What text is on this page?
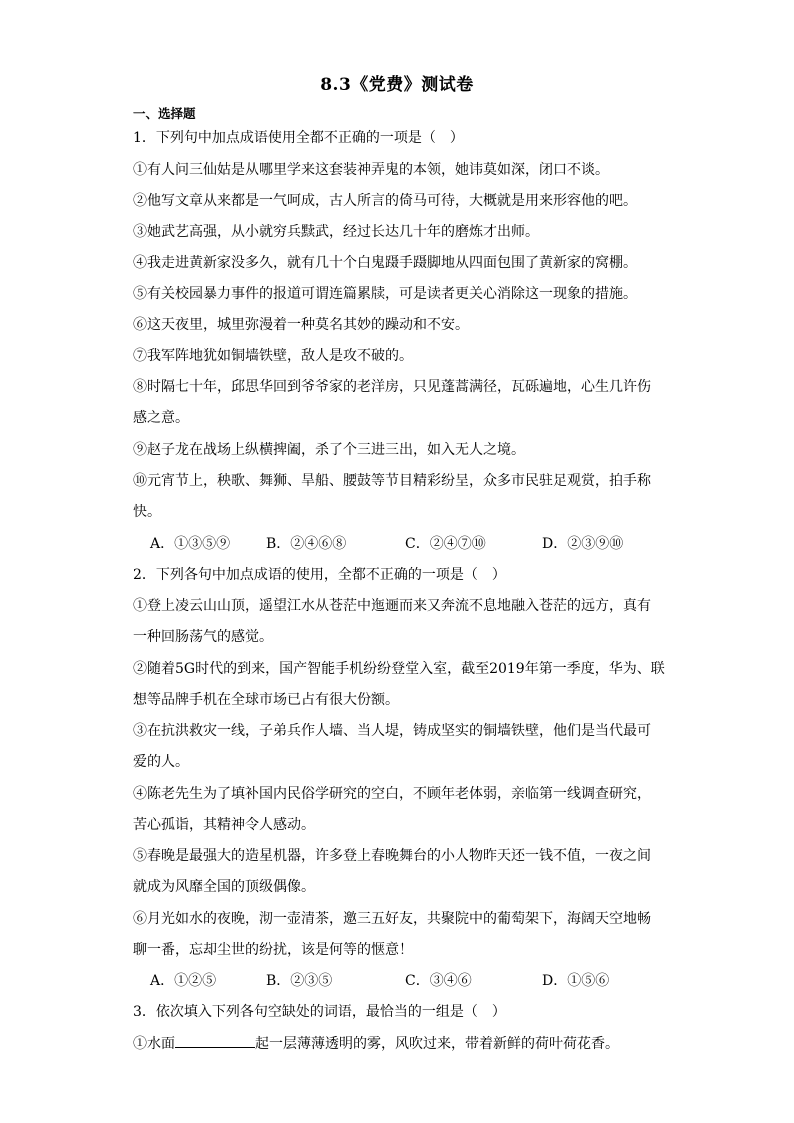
8.3《党费》测试卷
一、选择题
1．下列句中加点成语使用全都不正确的一项是（　）
①有人问三仙姑是从哪里学来这套装神弄鬼的本领，她讳莫如深，闭口不谈。
②他写文章从来都是一气呵成，古人所言的倚马可待，大概就是用来形容他的吧。
③她武艺高强，从小就穷兵黩武，经过长达几十年的磨炼才出师。
④我走进黄新家没多久，就有几十个白鬼蹑手蹑脚地从四面包围了黄新家的窝棚。
⑤有关校园暴力事件的报道可谓连篇累牍，可是读者更关心消除这一现象的措施。
⑥这天夜里，城里弥漫着一种莫名其妙的躁动和不安。
⑦我军阵地犹如铜墙铁壁，敌人是攻不破的。
⑧时隔七十年，邱思华回到爷爷家的老洋房，只见蓬蒿满径，瓦砾遍地，心生几许伤
感之意。
⑨赵子龙在战场上纵横捭阖，杀了个三进三出，如入无人之境。
⑩元宵节上，秧歌、舞狮、旱船、腰鼓等节目精彩纷呈，众多市民驻足观赏，拍手称
快。
A．①③⑤⑨	B．②④⑥⑧	C．②④⑦⑩	D．②③⑨⑩
2．下列各句中加点成语的使用，全都不正确的一项是（　）
①登上凌云山山顶，遥望江水从苍茫中迤逦而来又奔流不息地融入苍茫的远方，真有
一种回肠荡气的感觉。
②随着5G时代的到来，国产智能手机纷纷登堂入室，截至2019年第一季度，华为、联
想等品牌手机在全球市场已占有很大份额。
③在抗洪救灾一线，子弟兵作人墙、当人堤，铸成坚实的铜墙铁壁，他们是当代最可
爱的人。
④陈老先生为了填补国内民俗学研究的空白，不顾年老体弱，亲临第一线调查研究，
苦心孤诣，其精神令人感动。
⑤春晚是最强大的造星机器，许多登上春晚舞台的小人物昨天还一钱不值，一夜之间
就成为风靡全国的顶级偶像。
⑥月光如水的夜晚，沏一壶清茶，邀三五好友，共聚院中的葡萄架下，海阔天空地畅
聊一番，忘却尘世的纷扰，该是何等的惬意！
A．①②⑤	B．②③⑤	C．③④⑥	D．①⑤⑥
3．依次填入下列各句空缺处的词语，最恰当的一组是（　）
①水面	起一层薄薄透明的雾，风吹过来，带着新鲜的荷叶荷花香。
